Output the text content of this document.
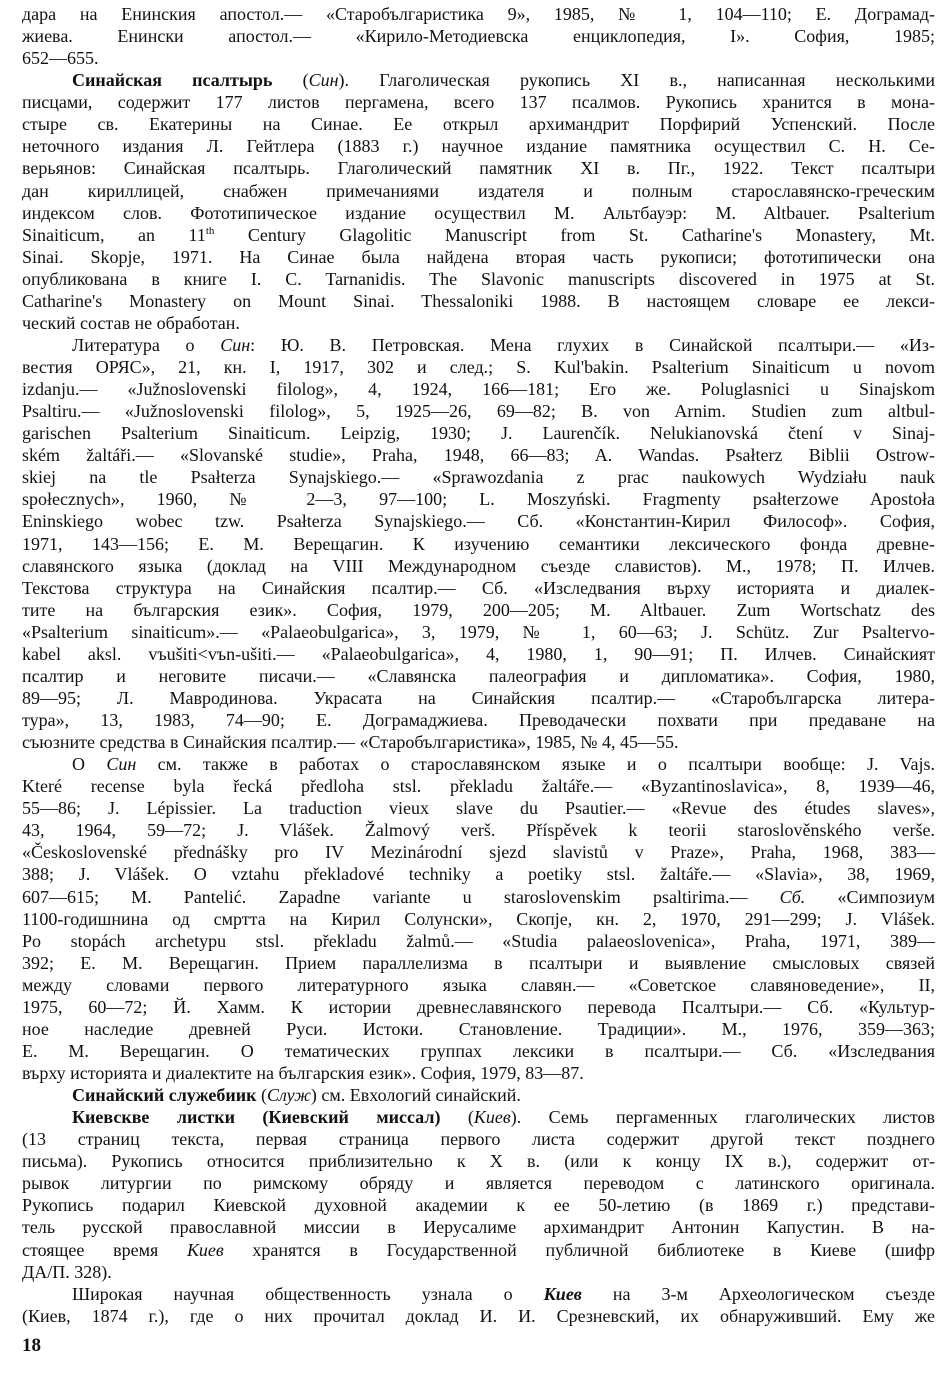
дара на Енинския апостол.— «Старобългаристика 9», 1985, № 1, 104—110; Е. Дограмад-
жиева. Енински апостол.— «Кирило-Методиевска енциклопедия, I». София, 1985;
652—655.
Синайская псалтырь (Син). Глаголическая рукопись XI в., написанная несколькими
писцами, содержит 177 листов пергамена, всего 137 псалмов. Рукопись хранится в мона-
стыре св. Екатерины на Синае. Ее открыл архимандрит Порфирий Успенский. После
неточного издания Л. Гейтлера (1883 г.) научное издание памятника осуществил С. Н. Се-
верьянов: Синайская псалтырь. Глаголический памятник XI в. Пг., 1922. Текст псалтыри
дан кириллицей, снабжен примечаниями издателя и полным старославянско-греческим
индексом слов. Фототипическое издание осуществил М. Альтбауэр: M. Altbauer. Psalterium
Sinaiticum, an 11th Century Glagolitic Manuscript from St. Catharine's Monastery, Mt.
Sinai. Skopje, 1971. На Синае была найдена вторая часть рукописи; фототипически она
опубликована в книге I. C. Tarnanidis. The Slavonic manuscripts discovered in 1975 at St.
Catharine's Monastery on Mount Sinai. Thessaloniki 1988. В настоящем словаре ее лекси-
ческий состав не обработан.
Литература о Син: Ю. В. Петровская. Мена глухих в Синайской псалтыри.— «Из-
вестия ОРЯС», 21, кн. I, 1917, 302 и след.; S. Kul'bakin. Psalterium Sinaiticum u novom
izdanju.— «Južnoslovenski filolog», 4, 1924, 166—181; Его же. Poluglasnici u Sinajskom
Psaltiru.— «Južnoslovenski filolog», 5, 1925—26, 69—82; B. von Arnim. Studien zum altbul-
garischen Psalterium Sinaiticum. Leipzig, 1930; J. Laurenčík. Nelukianovská čtení v Sinaj-
ském žaltáři.— «Slovanské studie», Praha, 1948, 66—83; A. Wandas. Psałterz Biblii Ostrow-
skiej na tle Psałterza Synajskiego.— «Sprawozdania z prac naukowych Wydziału nauk
społecznych», 1960, № 2—3, 97—100; L. Moszyński. Fragmenty psałterzowe Apostoła
Eninskiego wobec tzw. Psałterza Synajskiego.— Сб. «Константин-Кирил Философ». София,
1971, 143—156; Е. М. Верещагин. К изучению семантики лексического фонда древне-
славянского языка (доклад на VIII Международном съезде славистов). М., 1978; П. Илчев.
Текстова структура на Синайския псалтир.— Сб. «Изследвания върху историята и диалек-
тите на българския език». София, 1979, 200—205; M. Altbauer. Zum Wortschatz des
«Psalterium sinaiticum».— «Palaeobulgarica», 3, 1979, № 1, 60—63; J. Schütz. Zur Psaltervo-
kabel aksl. vъušiti<vъn-ušiti.— «Palaeobulgarica», 4, 1980, 1, 90—91; П. Илчев. Синайският
псалтир и неговите писачи.— «Славянска палеография и дипломатика». София, 1980,
89—95; Л. Мавродинова. Украсата на Синайския псалтир.— «Старобългарска литера-
тура», 13, 1983, 74—90; Е. Дограмаджиева. Преводачески похвати при предаване на
съюзните средства в Синайския псалтир.— «Старобългаристика», 1985, № 4, 45—55.
О Син см. также в работах о старославянском языке и о псалтыри вообще: J. Vajs.
Které recense byla řecká předloha stsl. překladu žaltáře.— «Byzantinoslavica», 8, 1939—46,
55—86; J. Lépissier. La traduction vieux slave du Psautier.— «Revue des études slaves»,
43, 1964, 59—72; J. Vlášek. Žalmový verš. Příspěvek k teorii staroslověnského verše.
«Československé přednášky pro IV Mezinárodní sjezd slavistů v Praze», Praha, 1968, 383—
388; J. Vlášek. O vztahu překladové techniky a poetiky stsl. žaltáře.— «Slavia», 38, 1969,
607—615; M. Pantelić. Zapadne variante u staroslovenskim psaltirima.— Сб. «Симпозиум
1100-годишнина од смртта на Кирил Солунски», Скопје, кн. 2, 1970, 291—299; J. Vlášek.
Po stopách archetypu stsl. překladu žalmů.— «Studia palaeoslovenica», Praha, 1971, 389—
392; Е. М. Верещагин. Прием параллелизма в псалтыри и выявление смысловых связей
между словами первого литературного языка славян.— «Советское славяноведение», II,
1975, 60—72; Й. Хамм. К истории древнеславянского перевода Псалтыри.— Сб. «Культур-
ное наследие древней Руси. Истоки. Становление. Традиции». М., 1976, 359—363;
Е. М. Верещагин. О тематических группах лексики в псалтыри.— Сб. «Изследвания
върху историята и диалектите на българския език». София, 1979, 83—87.
Синайский служебиик (Служ) см. Евхологий синайский.
Киевскве листки (Киевский миссал) (Киев). Семь пергаменных глаголических листов
(13 страниц текста, первая страница первого листа содержит другой текст позднего
письма). Рукопись относится приблизительно к X в. (или к концу IX в.), содержит от-
рывок литургии по римскому обряду и является переводом с латинского оригинала.
Рукопись подарил Киевской духовной академии к ее 50-летию (в 1869 г.) представи-
тель русской православной миссии в Иерусалиме архимандрит Антонин Капустин. В на-
стоящее время Киев хранятся в Государственной публичной библиотеке в Киеве (шифр
ДА/П. 328).
Широкая научная общественность узнала о Киев на 3-м Археологическом съезде
(Киев, 1874 г.), где о них прочитал доклад И. И. Срезневский, их обнаруживший. Ему же
18
